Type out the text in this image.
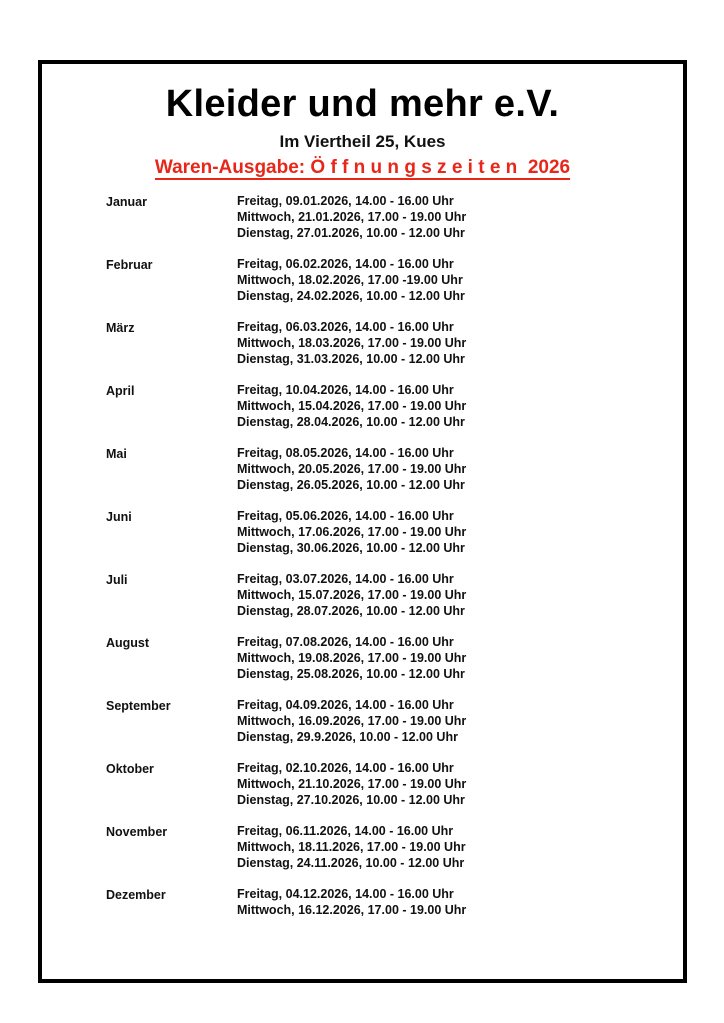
Kleider und mehr e.V.
Im Viertheil 25, Kues
Waren-Ausgabe: Ö f f n u n g s z e i t e n  2026
Januar	Freitag, 09.01.2026, 14.00 - 16.00 Uhr
Mittwoch, 21.01.2026, 17.00 - 19.00 Uhr
Dienstag, 27.01.2026, 10.00 - 12.00 Uhr
Februar	Freitag, 06.02.2026, 14.00 - 16.00 Uhr
Mittwoch, 18.02.2026, 17.00 -19.00 Uhr
Dienstag, 24.02.2026, 10.00 - 12.00 Uhr
März	Freitag, 06.03.2026, 14.00 - 16.00 Uhr
Mittwoch, 18.03.2026, 17.00 - 19.00 Uhr
Dienstag, 31.03.2026, 10.00 - 12.00 Uhr
April	Freitag, 10.04.2026, 14.00 - 16.00 Uhr
Mittwoch, 15.04.2026, 17.00 - 19.00 Uhr
Dienstag, 28.04.2026, 10.00 - 12.00 Uhr
Mai	Freitag, 08.05.2026, 14.00 - 16.00 Uhr
Mittwoch, 20.05.2026, 17.00 - 19.00 Uhr
Dienstag, 26.05.2026, 10.00 - 12.00 Uhr
Juni	Freitag, 05.06.2026, 14.00 - 16.00 Uhr
Mittwoch, 17.06.2026, 17.00 - 19.00 Uhr
Dienstag, 30.06.2026, 10.00 - 12.00 Uhr
Juli	Freitag, 03.07.2026, 14.00 - 16.00 Uhr
Mittwoch, 15.07.2026, 17.00 - 19.00 Uhr
Dienstag, 28.07.2026, 10.00 - 12.00 Uhr
August	Freitag, 07.08.2026, 14.00 - 16.00 Uhr
Mittwoch, 19.08.2026, 17.00 - 19.00 Uhr
Dienstag, 25.08.2026, 10.00 - 12.00 Uhr
September	Freitag, 04.09.2026, 14.00 - 16.00 Uhr
Mittwoch, 16.09.2026, 17.00 - 19.00 Uhr
Dienstag, 29.9.2026, 10.00 - 12.00 Uhr
Oktober	Freitag, 02.10.2026, 14.00 - 16.00 Uhr
Mittwoch, 21.10.2026, 17.00 - 19.00 Uhr
Dienstag, 27.10.2026, 10.00 - 12.00 Uhr
November	Freitag, 06.11.2026, 14.00 - 16.00 Uhr
Mittwoch, 18.11.2026, 17.00 - 19.00 Uhr
Dienstag, 24.11.2026, 10.00 - 12.00 Uhr
Dezember	Freitag, 04.12.2026, 14.00 - 16.00 Uhr
Mittwoch, 16.12.2026, 17.00 - 19.00 Uhr
